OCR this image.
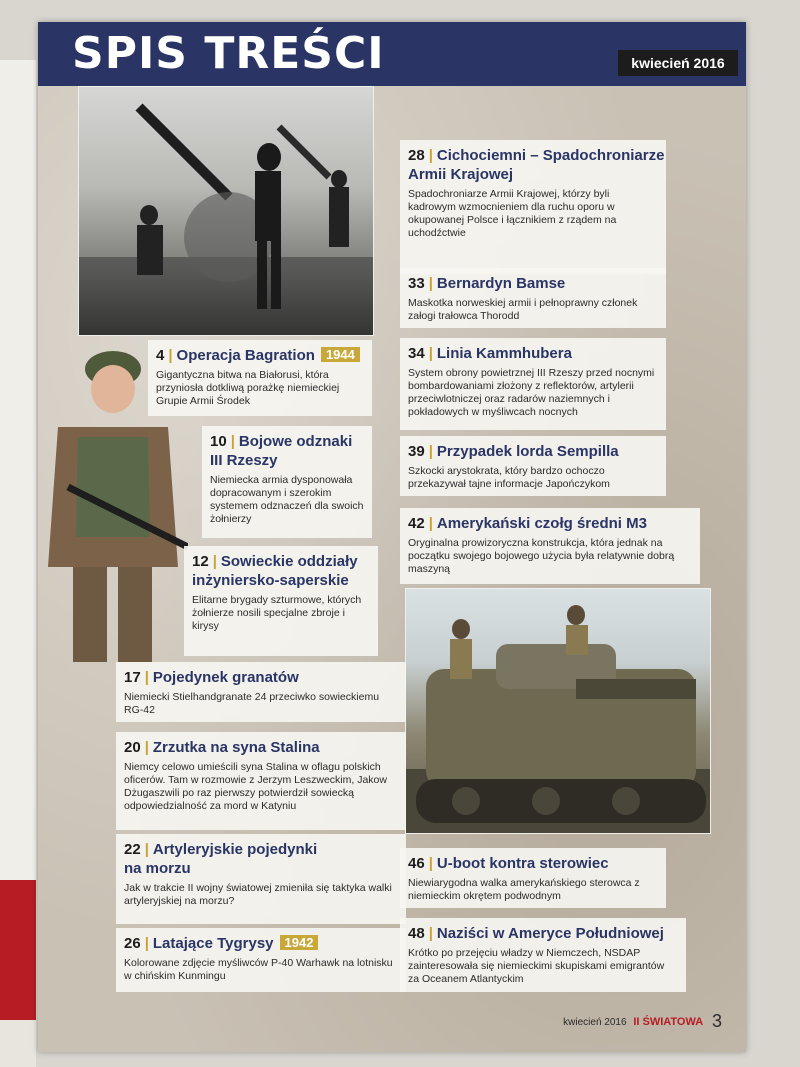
SPIS TREŚCI	kwiecień 2016
4 | Operacja Bagration 1944
Gigantyczna bitwa na Białorusi, która przyniosła dotkliwą porażkę niemieckiej Grupie Armii Środek
10 | Bojowe odznaki
III Rzeszy
Niemiecka armia dysponowała dopracowanym i szerokim systemem odznaczeń dla swoich żołnierzy
12 | Sowieckie oddziały
inżyniersko-saperskie
Elitarne brygady szturmowe, których żołnierze nosili specjalne zbroje i kirysy
17 | Pojedynek granatów
Niemiecki Stielhandgranate 24 przeciwko sowieckiemu RG-42
20 | Zrzutka na syna Stalina
Niemcy celowo umieścili syna Stalina w oflagu polskich oficerów. Tam w rozmowie z Jerzym Leszweckim, Jakow Dżugaszwili po raz pierwszy potwierdził sowiecką odpowiedzialność za mord w Katyniu
22 | Artyleryjskie pojedynki
na morzu
Jak w trakcie II wojny światowej zmieniła się taktyka walki artyleryjskiej na morzu?
26 | Latające Tygrysy 1942
Kolorowane zdjęcie myśliwców P-40 Warhawk na lotnisku w chińskim Kunmingu
28 | Cichociemni – Spadochroniarze
Armii Krajowej
Spadochroniarze Armii Krajowej, którzy byli kadrowym wzmocnieniem dla ruchu oporu w okupowanej Polsce i łącznikiem z rządem na uchodźctwie
33 | Bernardyn Bamse
Maskotka norweskiej armii i pełnoprawny członek załogi trałowca Thorodd
34 | Linia Kammhubera
System obrony powietrznej III Rzeszy przed nocnymi bombardowaniami złożony z reflektorów, artylerii przeciwlotniczej oraz radarów naziemnych i pokładowych w myśliwcach nocnych
39 | Przypadek lorda Sempilla
Szkocki arystokrata, który bardzo ochoczo przekazywał tajne informacje Japończykom
42 | Amerykański czołg średni M3
Oryginalna prowizoryczna konstrukcja, która jednak na początku swojego bojowego użycia była relatywnie dobrą maszyną
46 | U-boot kontra sterowiec
Niewiarygodna walka amerykańskiego sterowca z niemieckim okrętem podwodnym
48 | Naziści w Ameryce Południowej
Krótko po przejęciu władzy w Niemczech, NSDAP zainteresowała się niemieckimi skupiskami emigrantów za Oceanem Atlantyckim
kwiecień 2016 II ŚWIATOWA 3
